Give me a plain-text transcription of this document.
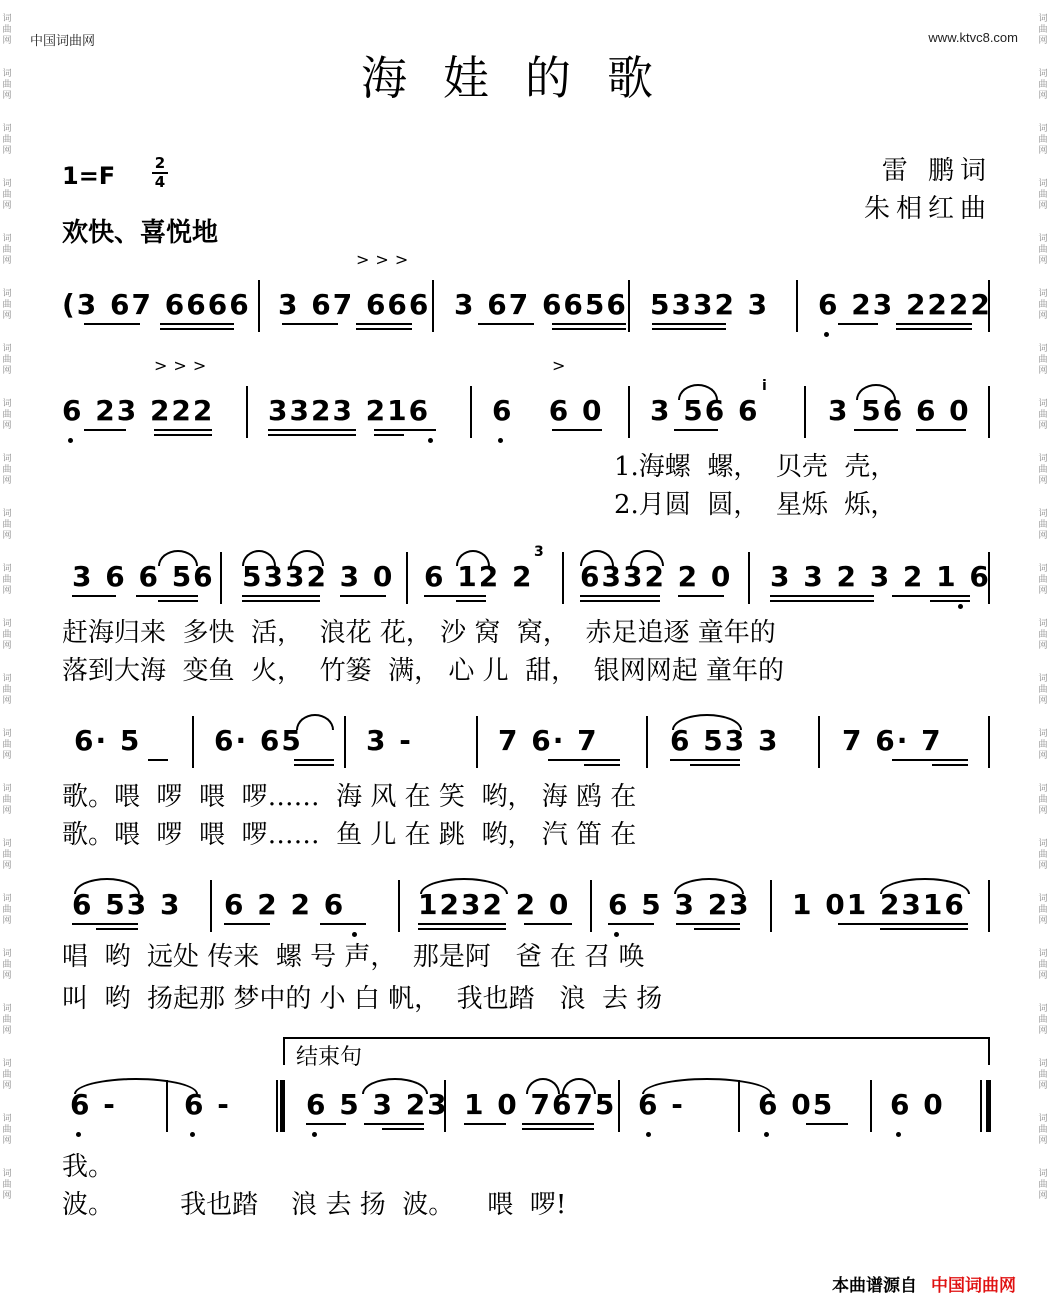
词
曲
网
词
曲
网
词
曲
网
词
曲
网
词
曲
网
词
曲
网
词
曲
网
词
曲
网
词
曲
网
词
曲
网
词
曲
网
词
曲
网
词
曲
网
词
曲
网
词
曲
网
词
曲
网
词
曲
网
词
曲
网
词
曲
网
词
曲
网
词
曲
网
词
曲
网
词
曲
网
词
曲
网
词
曲
网
词
曲
网
词
曲
网
词
曲
网
词
曲
网
词
曲
网
词
曲
网
词
曲
网
词
曲
网
词
曲
网
词
曲
网
词
曲
网
词
曲
网
词
曲
网
词
曲
网
词
曲
网
词
曲
网
词
曲
网
词
曲
网
词
曲
网
中国词曲网	www.ktvc8.com
海娃的歌
1=F	2
4
欢快、喜悦地
雷 鹏词
朱相红曲
(3 67 6666 3 67 666
>>>
3 67 6656 5332 3 6 23 2222
6 23 222
>>>
3323 216 6   6 0
>
3 56 6
i
3 56 6 0
1.海螺  螺，  贝壳  壳，
2.月圆  圆，  星烁  烁，
3 6 6 56 5332 3 0 6 12 2
3
6332 2 0 3 3 2 3 2 1 6
赶海归来  多快  活，  浪花 花， 沙 窝  窝，  赤足追逐 童年的
落到大海  变鱼  火，  竹篓  满， 心 儿  甜，  银网网起 童年的
6· 5	6· 65 3 -	7 6· 7	6 53 3 7 6· 7
歌。喂  啰  喂  啰……  海 风 在 笑  哟， 海 鸥 在
歌。喂  啰  喂  啰……  鱼 儿 在 跳  哟， 汽 笛 在
6 53 3 6 2 2 6	1232 2 0 6 5 3 23 1 01 2316
唱  哟  远处 传来  螺 号 声，  那是阿   爸 在 召 唤
叫  哟  扬起那 梦中的 小 白 帆，  我也踏   浪  去 扬
结束句
6 - 6 -	6 5 3 23 1 0 7675 6 -	6 05 6 0
我。
波。        我也踏    浪 去 扬  波。    喂  啰!
本曲谱源自 中国词曲网
